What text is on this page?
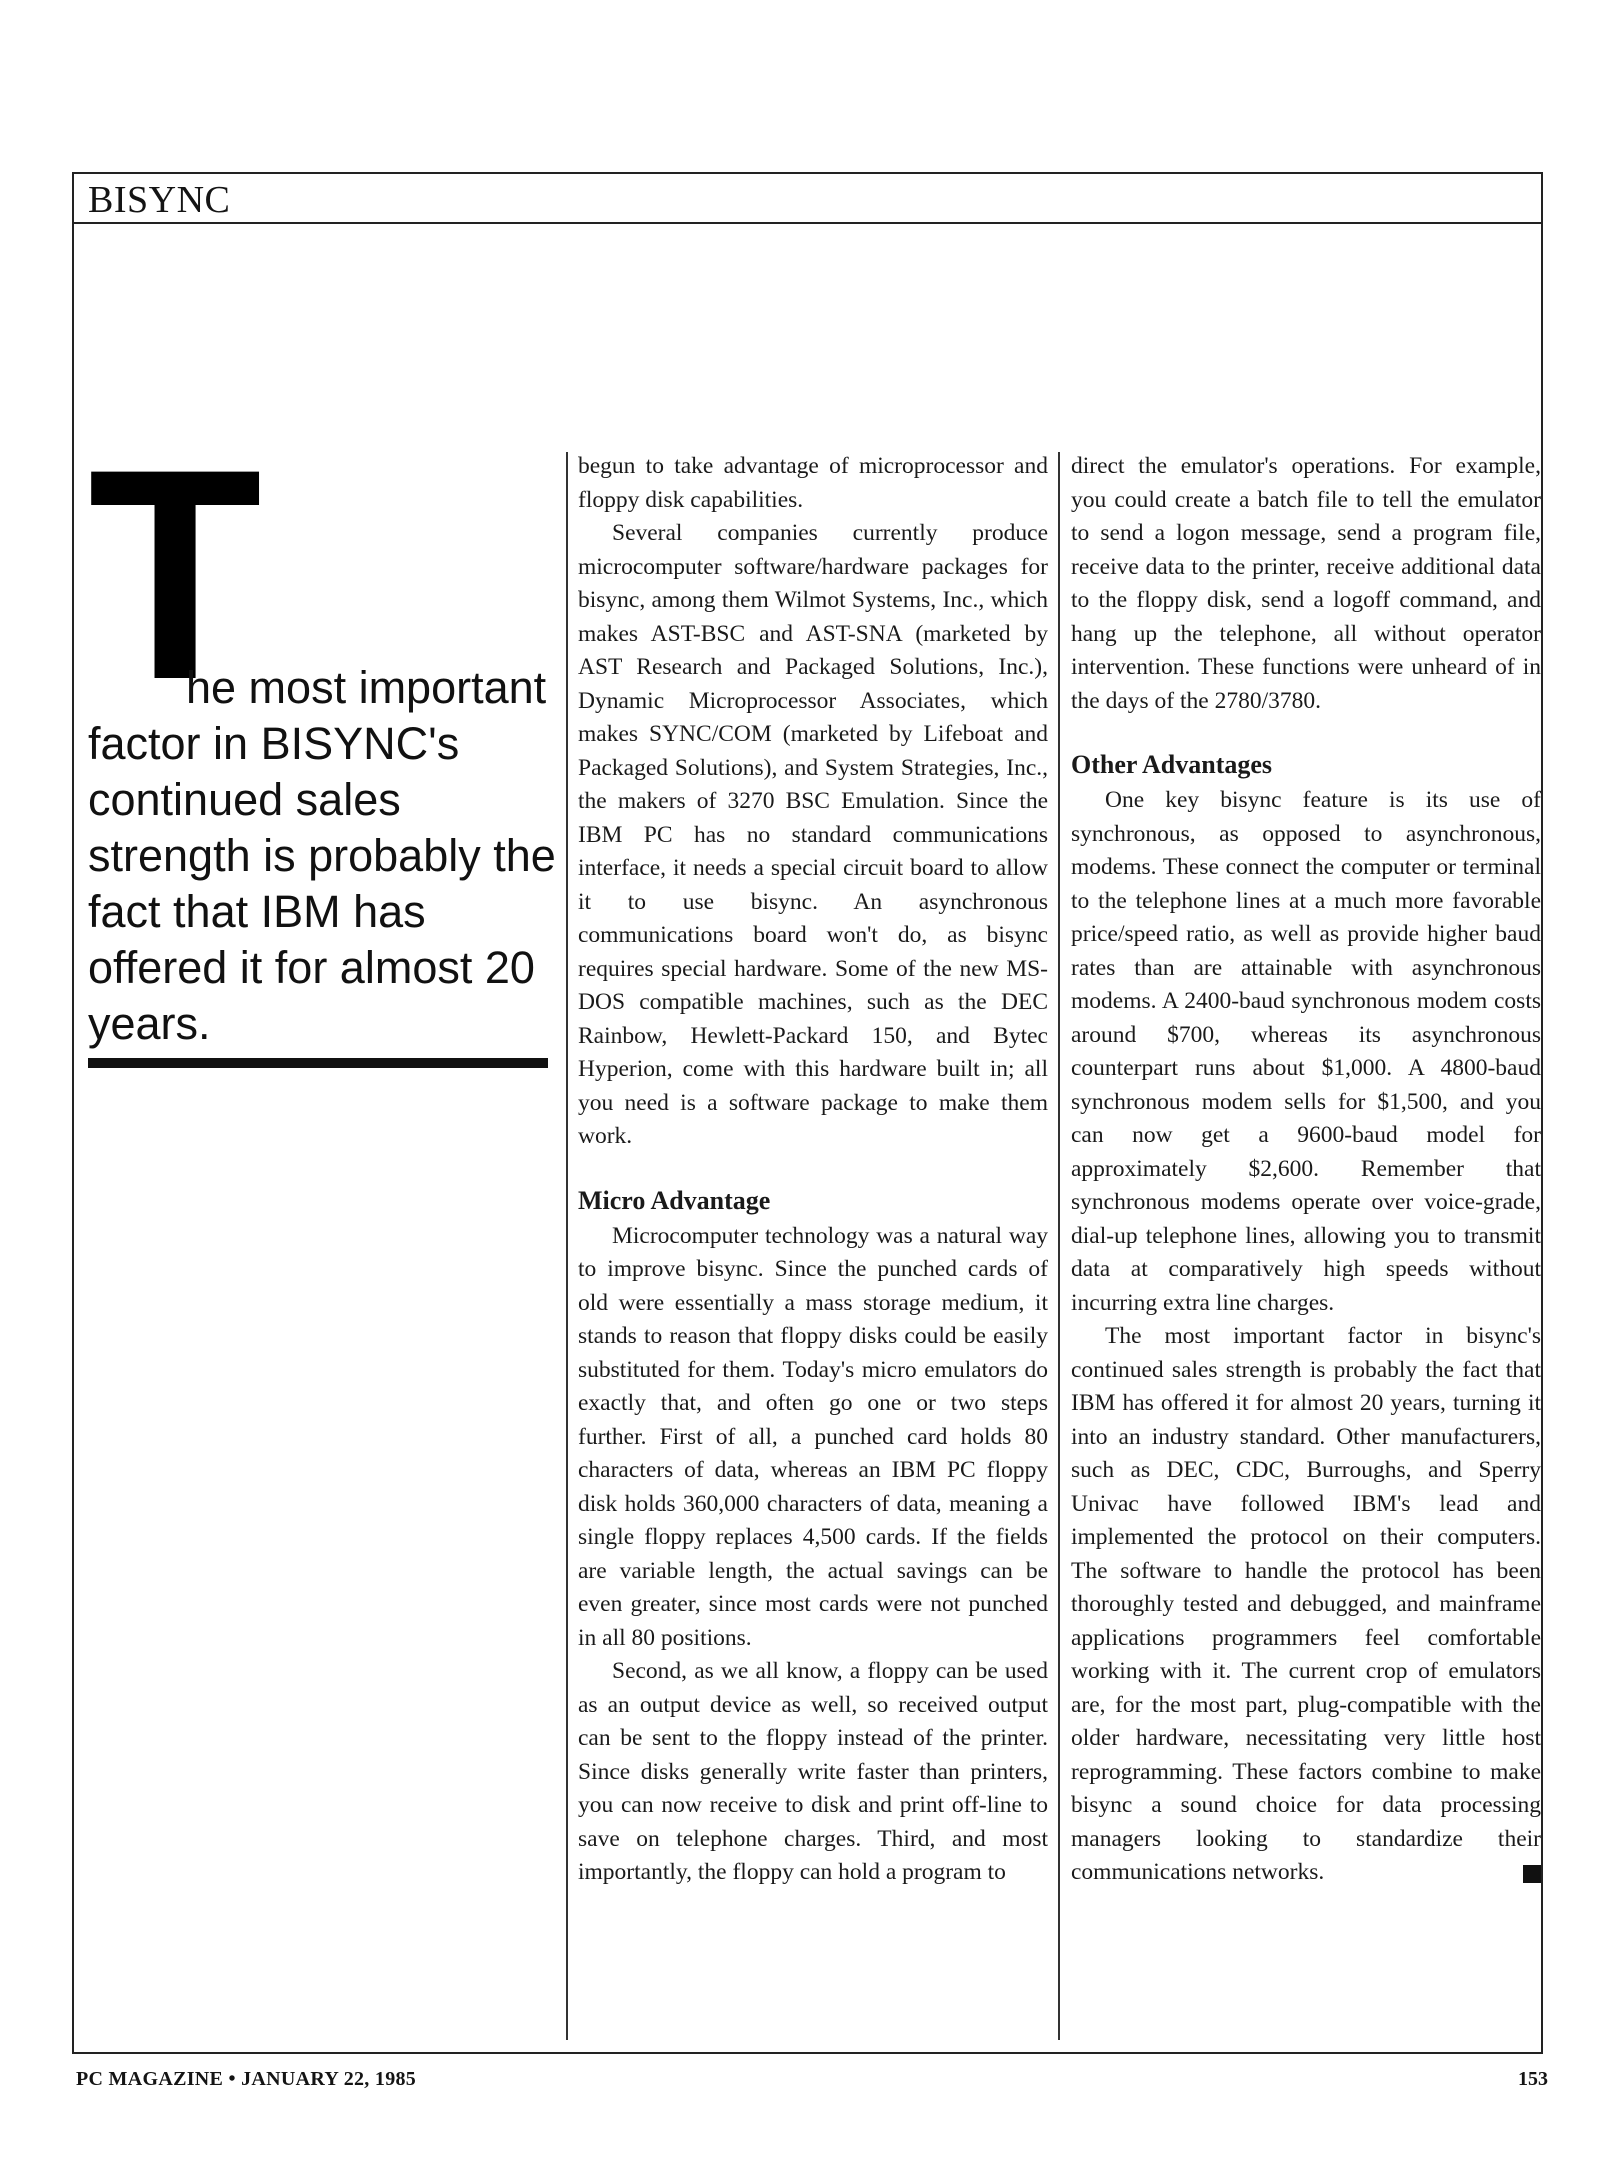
BISYNC
T
he most important factor in BISYNC's continued sales strength is probably the fact that IBM has offered it for almost 20 years.

begun to take advantage of microprocessor and floppy disk capabilities.

Several companies currently produce microcomputer software/hardware packages for bisync, among them Wilmot Systems, Inc., which makes AST-BSC and AST-SNA (marketed by AST Research and Packaged Solutions, Inc.), Dynamic Microprocessor Associates, which makes SYNC/COM (marketed by Lifeboat and Packaged Solutions), and System Strategies, Inc., the makers of 3270 BSC Emulation. Since the IBM PC has no standard communications interface, it needs a special circuit board to allow it to use bisync. An asynchronous communications board won't do, as bisync requires special hardware. Some of the new MS-DOS compatible machines, such as the DEC Rainbow, Hewlett-Packard 150, and Bytec Hyperion, come with this hardware built in; all you need is a software package to make them work.

Micro Advantage

Microcomputer technology was a natural way to improve bisync. Since the punched cards of old were essentially a mass storage medium, it stands to reason that floppy disks could be easily substituted for them. Today's micro emulators do exactly that, and often go one or two steps further. First of all, a punched card holds 80 characters of data, whereas an IBM PC floppy disk holds 360,000 characters of data, meaning a single floppy replaces 4,500 cards. If the fields are variable length, the actual savings can be even greater, since most cards were not punched in all 80 positions.

Second, as we all know, a floppy can be used as an output device as well, so received output can be sent to the floppy instead of the printer. Since disks generally write faster than printers, you can now receive to disk and print off-line to save on telephone charges. Third, and most importantly, the floppy can hold a program to

direct the emulator's operations. For example, you could create a batch file to tell the emulator to send a logon message, send a program file, receive data to the printer, receive additional data to the floppy disk, send a logoff command, and hang up the telephone, all without operator intervention. These functions were unheard of in the days of the 2780/3780.

Other Advantages

One key bisync feature is its use of synchronous, as opposed to asynchronous, modems. These connect the computer or terminal to the telephone lines at a much more favorable price/speed ratio, as well as provide higher baud rates than are attainable with asynchronous modems. A 2400-baud synchronous modem costs around $700, whereas its asynchronous counterpart runs about $1,000. A 4800-baud synchronous modem sells for $1,500, and you can now get a 9600-baud model for approximately $2,600. Remember that synchronous modems operate over voice-grade, dial-up telephone lines, allowing you to transmit data at comparatively high speeds without incurring extra line charges.

The most important factor in bisync's continued sales strength is probably the fact that IBM has offered it for almost 20 years, turning it into an industry standard. Other manufacturers, such as DEC, CDC, Burroughs, and Sperry Univac have followed IBM's lead and implemented the protocol on their computers. The software to handle the protocol has been thoroughly tested and debugged, and mainframe applications programmers feel comfortable working with it. The current crop of emulators are, for the most part, plug-compatible with the older hardware, necessitating very little host reprogramming. These factors combine to make bisync a sound choice for data processing managers looking to standardize their communications networks.

PC MAGAZINE • JANUARY 22, 1985	153
